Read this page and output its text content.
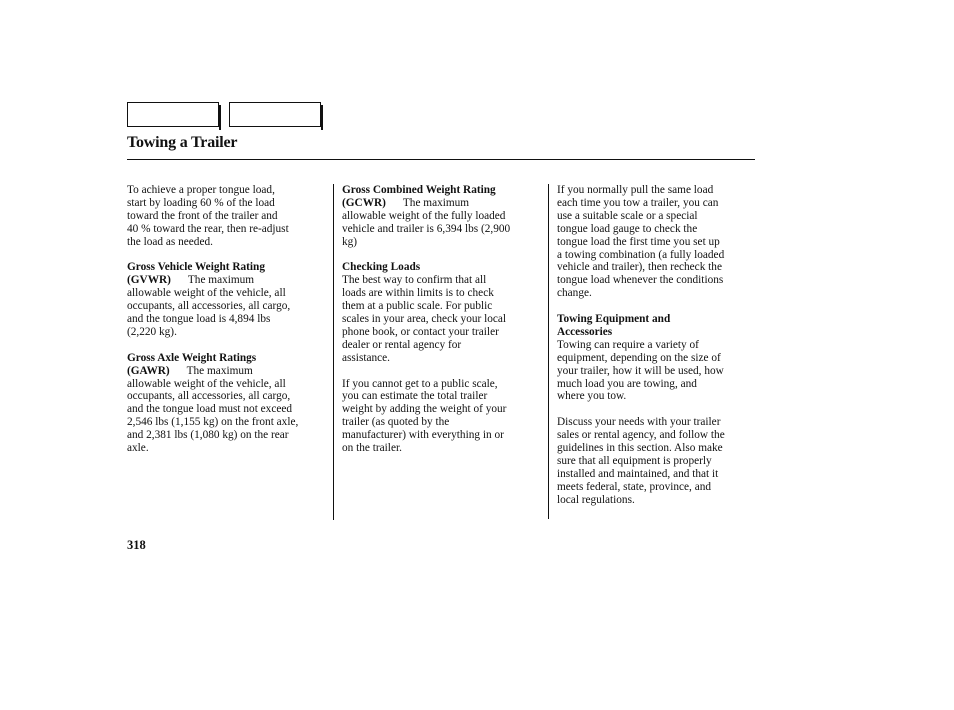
Towing a Trailer

To achieve a proper tongue load,
start by loading 60 % of the load
toward the front of the trailer and
40 % toward the rear, then re-adjust
the load as needed.

Gross Vehicle Weight Rating
(GVWR) The maximum
allowable weight of the vehicle, all
occupants, all accessories, all cargo,
and the tongue load is 4,894 lbs
(2,220 kg).

Gross Axle Weight Ratings
(GAWR) The maximum
allowable weight of the vehicle, all
occupants, all accessories, all cargo,
and the tongue load must not exceed
2,546 lbs (1,155 kg) on the front axle,
and 2,381 lbs (1,080 kg) on the rear
axle.

Gross Combined Weight Rating
(GCWR) The maximum
allowable weight of the fully loaded
vehicle and trailer is 6,394 lbs (2,900
kg)

Checking Loads
The best way to confirm that all
loads are within limits is to check
them at a public scale. For public
scales in your area, check your local
phone book, or contact your trailer
dealer or rental agency for
assistance.

If you cannot get to a public scale,
you can estimate the total trailer
weight by adding the weight of your
trailer (as quoted by the
manufacturer) with everything in or
on the trailer.

If you normally pull the same load
each time you tow a trailer, you can
use a suitable scale or a special
tongue load gauge to check the
tongue load the first time you set up
a towing combination (a fully loaded
vehicle and trailer), then recheck the
tongue load whenever the conditions
change.

Towing Equipment and
Accessories
Towing can require a variety of
equipment, depending on the size of
your trailer, how it will be used, how
much load you are towing, and
where you tow.

Discuss your needs with your trailer
sales or rental agency, and follow the
guidelines in this section. Also make
sure that all equipment is properly
installed and maintained, and that it
meets federal, state, province, and
local regulations.

318
